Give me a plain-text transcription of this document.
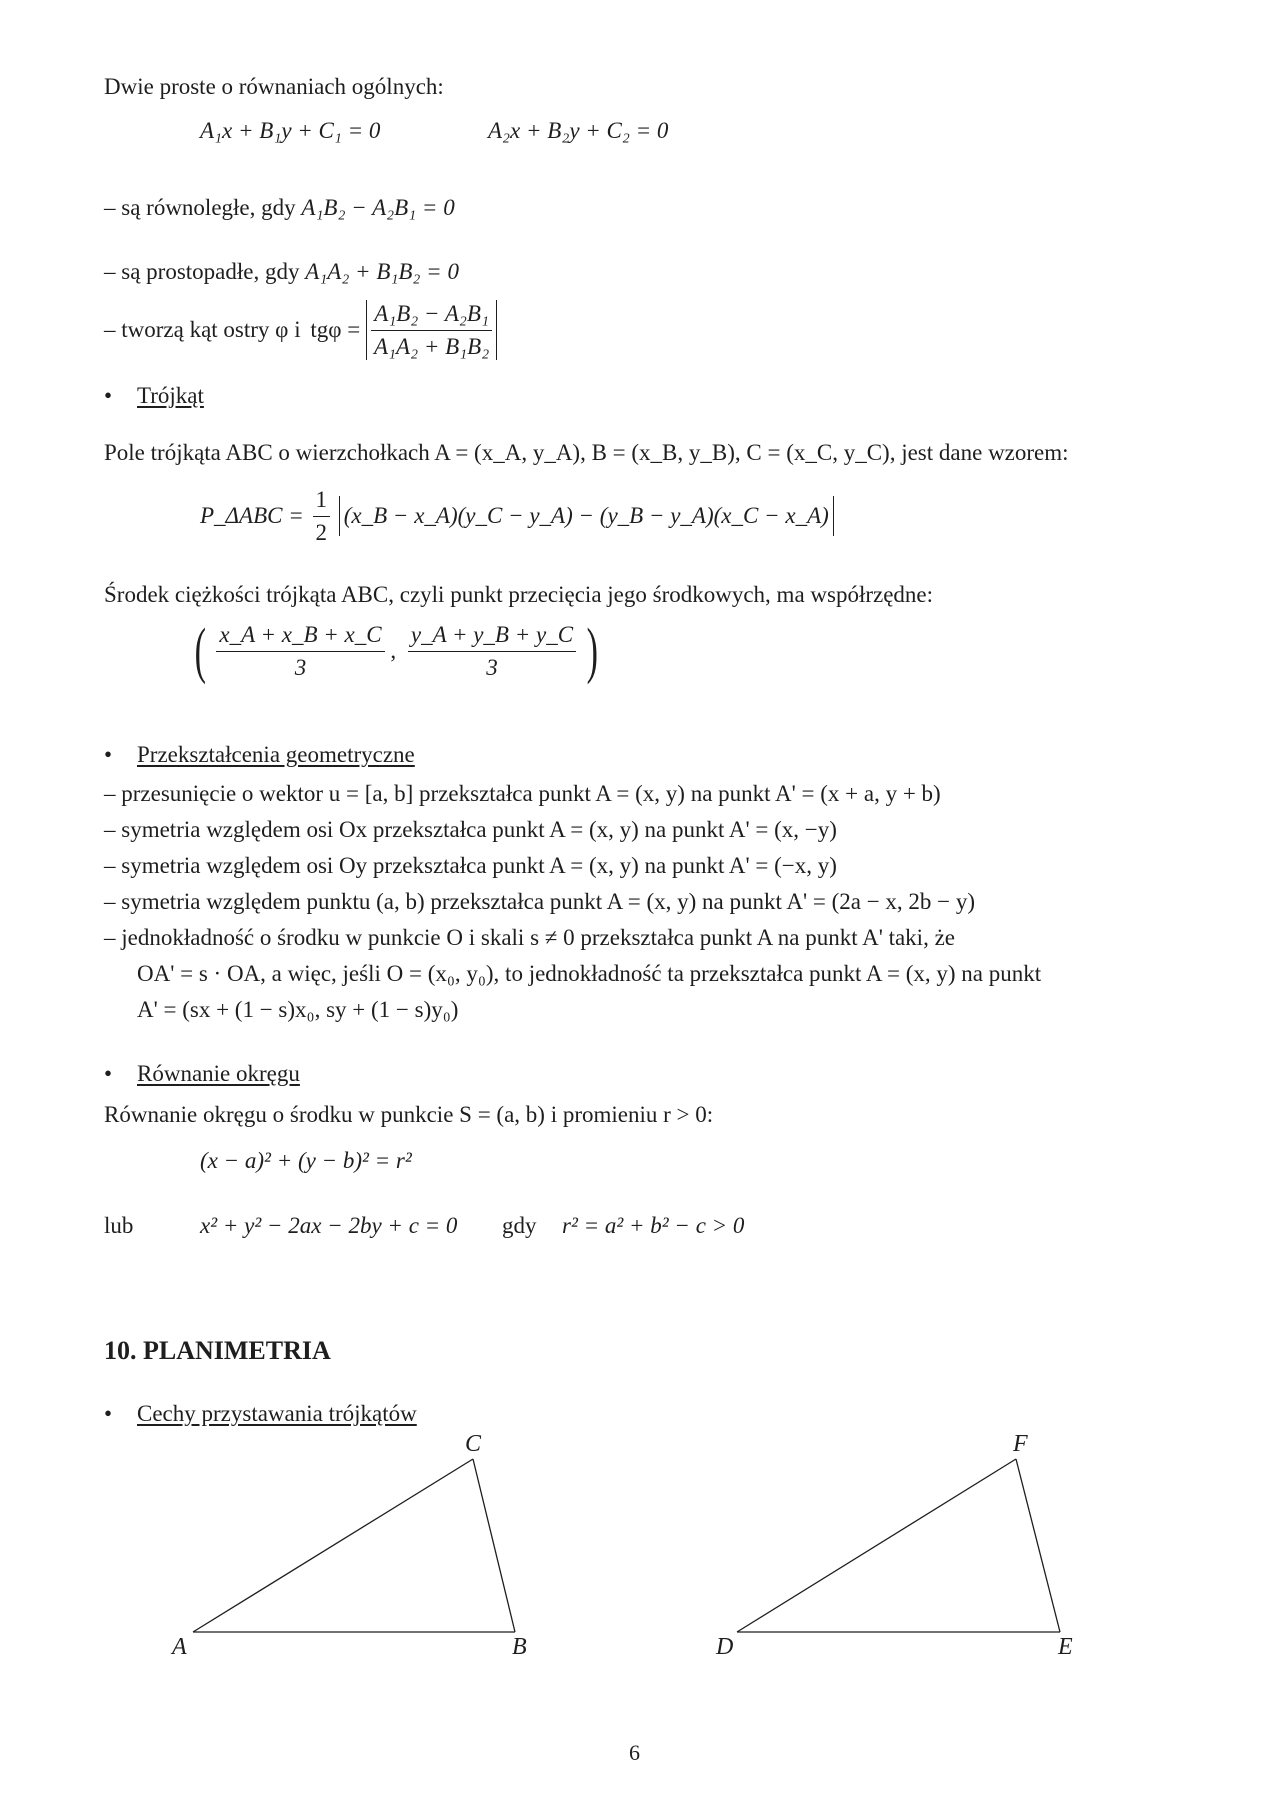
Dwie proste o równaniach ogólnych:
A₁x + B₁y + C₁ = 0	A₂x + B₂y + C₂ = 0
– są równoległe, gdy A₁B₂ − A₂B₁ = 0
– są prostopadłe, gdy A₁A₂ + B₁B₂ = 0
– tworzą kąt ostry φ i $tg\varphi = \frac{\text{A₁B₂ − A₂B₁}}{\text{A₁A₂ + B₁B₂}}$
• Trójkąt
Pole trójkąta ABC o wierzchołkach A = (x_A, y_A), B = (x_B, y_B), C = (x_C, y_C), jest dane wzorem:
P_ΔABC = $\frac{1}{2}$ (x_B − x_A)(y_C − y_A) − (y_B − y_A)(x_C − x_A)
Środek ciężkości trójkąta ABC, czyli punkt przecięcia jego środkowych, ma współrzędne:
( $\frac{x\_A + x\_B + x\_C}{3}$ , $\frac{y\_A + y\_B + y\_C}{3}$ )
• Przekształcenia geometryczne
– przesunięcie o wektor u = [a, b] przekształca punkt A = (x, y) na punkt A' = (x + a, y + b)
– symetria względem osi Ox przekształca punkt A = (x, y) na punkt A' = (x, −y)
– symetria względem osi Oy przekształca punkt A = (x, y) na punkt A' = (−x, y)
– symetria względem punktu (a, b) przekształca punkt A = (x, y) na punkt A' = (2a − x, 2b − y)
– jednokładność o środku w punkcie O i skali s ≠ 0 przekształca punkt A na punkt A' taki, że
OA' = s · OA, a więc, jeśli O = (x₀, y₀), to jednokładność ta przekształca punkt A = (x, y) na punkt
A' = (sx + (1 − s)x₀, sy + (1 − s)y₀)
• Równanie okręgu
Równanie okręgu o środku w punkcie S = (a, b) i promieniu r > 0:
(x − a)² + (y − b)² = r²
lub	x² + y² − 2ax − 2by + c = 0 gdy r² = a² + b² − c > 0
10. PLANIMETRIA
• Cechy przystawania trójkątów
A	B
C
D	E
F
6
